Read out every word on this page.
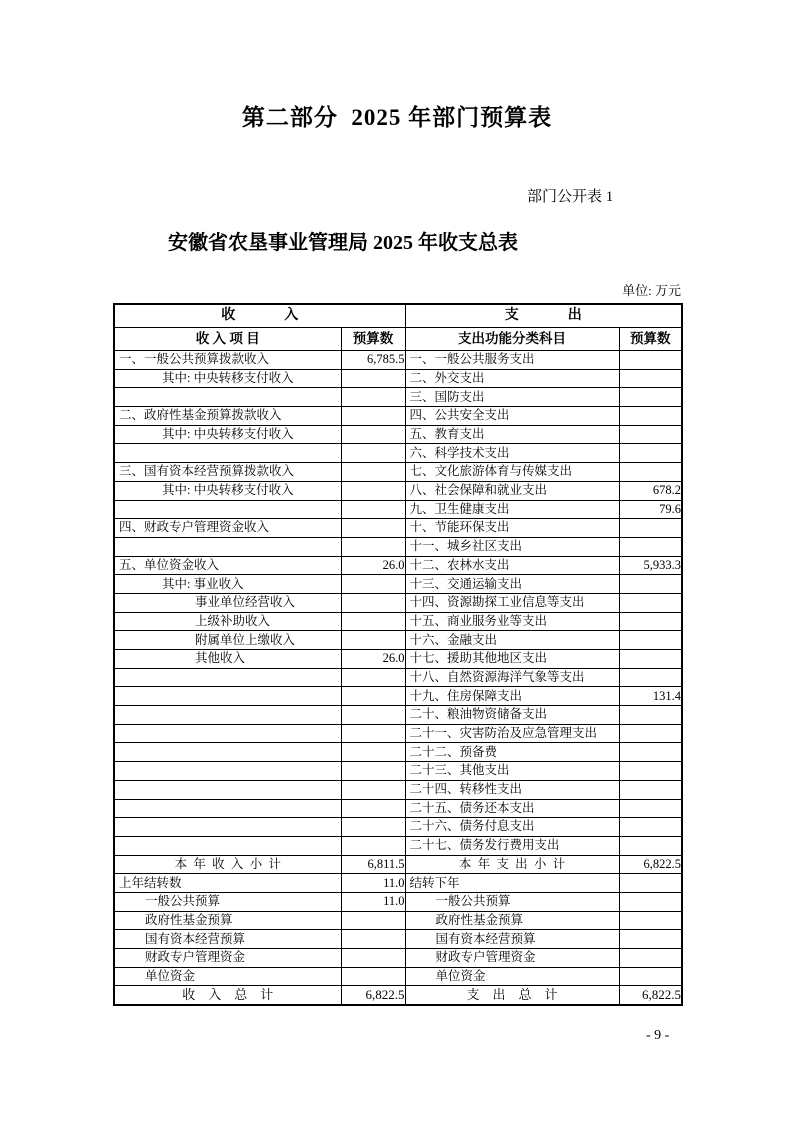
第二部分  2025 年部门预算表
部门公开表 1
安徽省农垦事业管理局 2025 年收支总表
单位: 万元
收              入		支              出	
收 入 项 目	预算数	支出功能分类科目	预算数
一、一般公共预算拨款收入	6,785.5	一、一般公共服务支出	
其中: 中央转移支付收入		二、外交支出	
		三、国防支出	
二、政府性基金预算拨款收入		四、公共安全支出	
其中: 中央转移支付收入		五、教育支出	
		六、科学技术支出	
三、国有资本经营预算拨款收入		七、文化旅游体育与传媒支出	
其中: 中央转移支付收入		八、社会保障和就业支出	678.2
		九、卫生健康支出	79.6
四、财政专户管理资金收入		十、节能环保支出	
		十一、城乡社区支出	
五、单位资金收入	26.0	十二、农林水支出	5,933.3
其中: 事业收入		十三、交通运输支出	
事业单位经营收入		十四、资源勘探工业信息等支出	
上级补助收入		十五、商业服务业等支出	
附属单位上缴收入		十六、金融支出	
其他收入	26.0	十七、援助其他地区支出	
		十八、自然资源海洋气象等支出	
		十九、住房保障支出	131.4
		二十、粮油物资储备支出	
		二十一、灾害防治及应急管理支出	
		二十二、预备费	
		二十三、其他支出	
		二十四、转移性支出	
		二十五、债务还本支出	
		二十六、债务付息支出	
		二十七、债务发行费用支出	
本  年  收  入  小  计	6,811.5	本  年  支  出  小  计	6,822.5
上年结转数	11.0	结转下年	
一般公共预算	11.0	一般公共预算	
政府性基金预算		政府性基金预算	
国有资本经营预算		国有资本经营预算	
财政专户管理资金		财政专户管理资金	
单位资金		单位资金	
收    入    总    计	6,822.5	支    出    总    计	6,822.5
- 9 -
